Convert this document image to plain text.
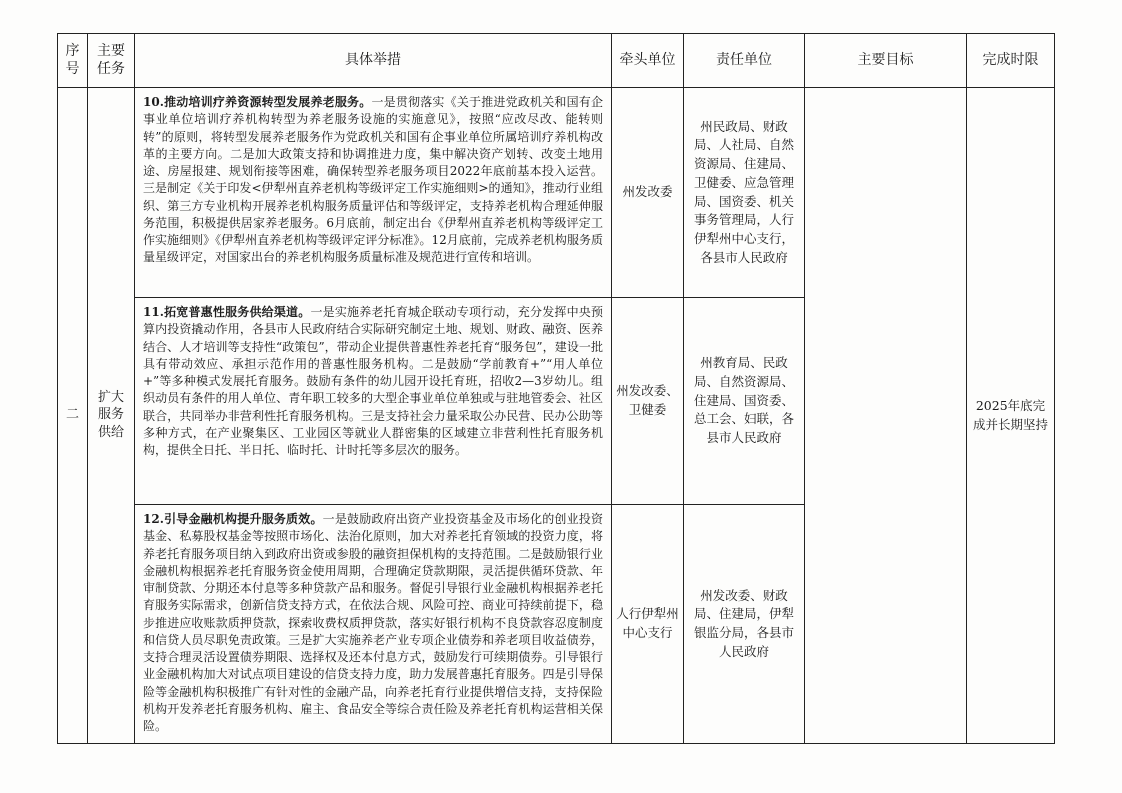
序号	主要任务	具体举措	牵头单位	责任单位	主要目标	完成时限
二	扩大服务供给	10.推动培训疗养资源转型发展养老服务。一是贯彻落实《关于推进党政机关和国有企事业单位培训疗养机构转型为养老服务设施的实施意见》，按照“应改尽改、能转则转”的原则，将转型发展养老服务作为党政机关和国有企事业单位所属培训疗养机构改革的主要方向。二是加大政策支持和协调推进力度，集中解决资产划转、改变土地用途、房屋报建、规划衔接等困难，确保转型养老服务项目2022年底前基本投入运营。三是制定《关于印发<伊犁州直养老机构等级评定工作实施细则>的通知》，推动行业组织、第三方专业机构开展养老机构服务质量评估和等级评定，支持养老机构合理延伸服务范围，积极提供居家养老服务。6月底前，制定出台《伊犁州直养老机构等级评定工作实施细则》《伊犁州直养老机构等级评定评分标准》。12月底前，完成养老机构服务质量星级评定，对国家出台的养老机构服务质量标准及规范进行宣传和培训。	州发改委	州民政局、财政局、人社局、自然资源局、住建局、卫健委、应急管理局、国资委、机关事务管理局，人行伊犁州中心支行，各县市人民政府		2025年底完成并长期坚持
		11.拓宽普惠性服务供给渠道。一是实施养老托育城企联动专项行动，充分发挥中央预算内投资撬动作用，各县市人民政府结合实际研究制定土地、规划、财政、融资、医养结合、人才培训等支持性“政策包”，带动企业提供普惠性养老托育“服务包”，建设一批具有带动效应、承担示范作用的普惠性服务机构。二是鼓励“学前教育+”“用人单位+”等多种模式发展托育服务。鼓励有条件的幼儿园开设托育班，招收2—3岁幼儿。组织动员有条件的用人单位、青年职工较多的大型企事业单位单独或与驻地管委会、社区联合，共同举办非营利性托育服务机构。三是支持社会力量采取公办民营、民办公助等多种方式，在产业聚集区、工业园区等就业人群密集的区域建立非营利性托育服务机构，提供全日托、半日托、临时托、计时托等多层次的服务。	州发改委、卫健委	州教育局、民政局、自然资源局、住建局、国资委、总工会、妇联，各县市人民政府		
		12.引导金融机构提升服务质效。一是鼓励政府出资产业投资基金及市场化的创业投资基金、私募股权基金等按照市场化、法治化原则，加大对养老托育领域的投资力度，将养老托育服务项目纳入到政府出资或参股的融资担保机构的支持范围。二是鼓励银行业金融机构根据养老托育服务资金使用周期，合理确定贷款期限，灵活提供循环贷款、年审制贷款、分期还本付息等多种贷款产品和服务。督促引导银行业金融机构根据养老托育服务实际需求，创新信贷支持方式，在依法合规、风险可控、商业可持续前提下，稳步推进应收账款质押贷款，探索收费权质押贷款，落实好银行机构不良贷款容忍度制度和信贷人员尽职免责政策。三是扩大实施养老产业专项企业债券和养老项目收益债券，支持合理灵活设置债券期限、选择权及还本付息方式，鼓励发行可续期债券。引导银行业金融机构加大对试点项目建设的信贷支持力度，助力发展普惠托育服务。四是引导保险等金融机构积极推广有针对性的金融产品，向养老托育行业提供增信支持，支持保险机构开发养老托育服务机构、雇主、食品安全等综合责任险及养老托育机构运营相关保险。	人行伊犁州中心支行	州发改委、财政局、住建局，伊犁银监分局，各县市人民政府		
